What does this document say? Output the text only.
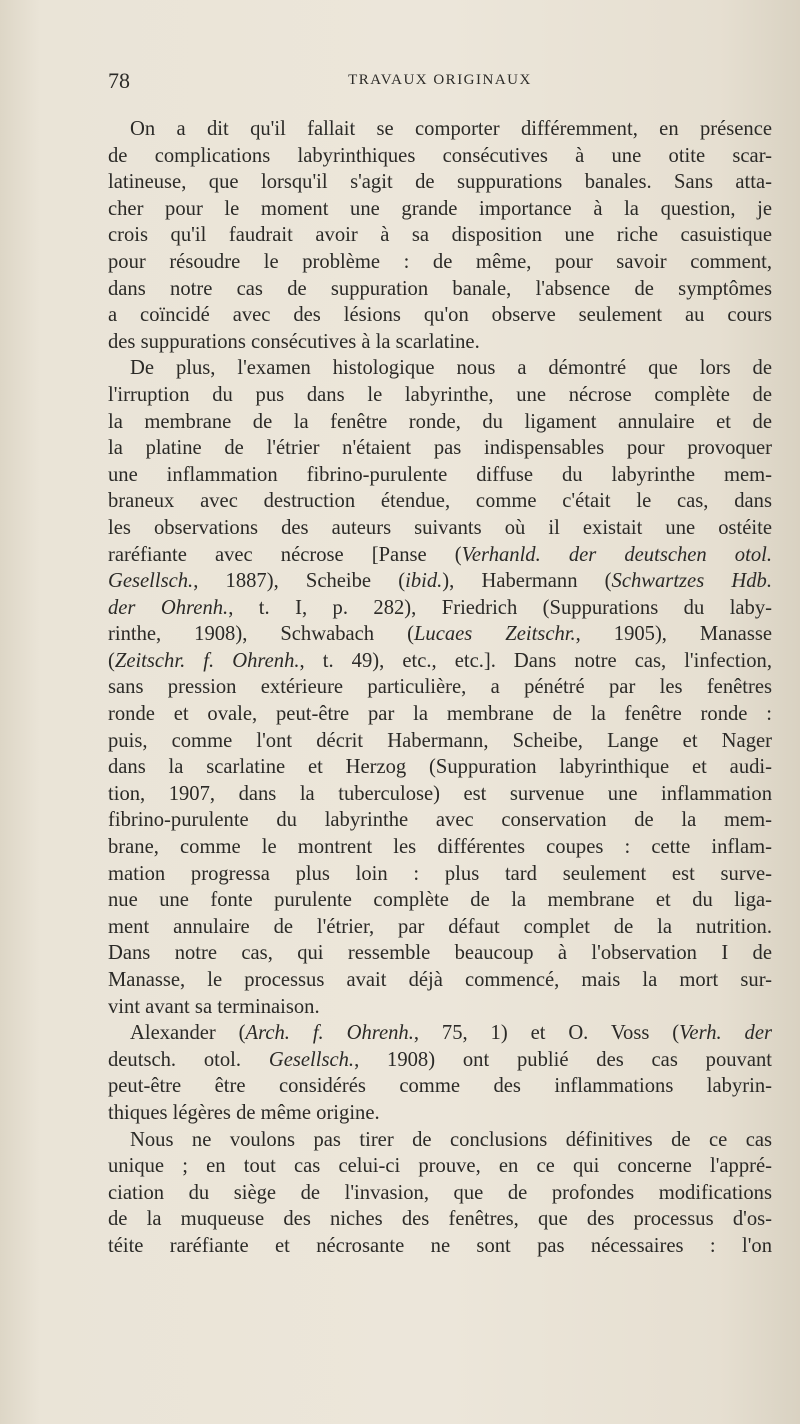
78	TRAVAUX ORIGINAUX
On a dit qu'il fallait se comporter différemment, en présence
de complications labyrinthiques consécutives à une otite scar-
latineuse, que lorsqu'il s'agit de suppurations banales. Sans atta-
cher pour le moment une grande importance à la question, je
crois qu'il faudrait avoir à sa disposition une riche casuistique
pour résoudre le problème : de même, pour savoir comment,
dans notre cas de suppuration banale, l'absence de symptômes
a coïncidé avec des lésions qu'on observe seulement au cours
des suppurations consécutives à la scarlatine.
De plus, l'examen histologique nous a démontré que lors de
l'irruption du pus dans le labyrinthe, une nécrose complète de
la membrane de la fenêtre ronde, du ligament annulaire et de
la platine de l'étrier n'étaient pas indispensables pour provoquer
une inflammation fibrino-purulente diffuse du labyrinthe mem-
braneux avec destruction étendue, comme c'était le cas, dans
les observations des auteurs suivants où il existait une ostéite
raréfiante avec nécrose [Panse (Verhanld. der deutschen otol.
Gesellsch., 1887), Scheibe (ibid.), Habermann (Schwartzes Hdb.
der Ohrenh., t. I, p. 282), Friedrich (Suppurations du laby-
rinthe, 1908), Schwabach (Lucaes Zeitschr., 1905), Manasse
(Zeitschr. f. Ohrenh., t. 49), etc., etc.]. Dans notre cas, l'infection,
sans pression extérieure particulière, a pénétré par les fenêtres
ronde et ovale, peut-être par la membrane de la fenêtre ronde :
puis, comme l'ont décrit Habermann, Scheibe, Lange et Nager
dans la scarlatine et Herzog (Suppuration labyrinthique et audi-
tion, 1907, dans la tuberculose) est survenue une inflammation
fibrino-purulente du labyrinthe avec conservation de la mem-
brane, comme le montrent les différentes coupes : cette inflam-
mation progressa plus loin : plus tard seulement est surve-
nue une fonte purulente complète de la membrane et du liga-
ment annulaire de l'étrier, par défaut complet de la nutrition.
Dans notre cas, qui ressemble beaucoup à l'observation I de
Manasse, le processus avait déjà commencé, mais la mort sur-
vint avant sa terminaison.
Alexander (Arch. f. Ohrenh., 75, 1) et O. Voss (Verh. der
deutsch. otol. Gesellsch., 1908) ont publié des cas pouvant
peut-être être considérés comme des inflammations labyrin-
thiques légères de même origine.
Nous ne voulons pas tirer de conclusions définitives de ce cas
unique ; en tout cas celui-ci prouve, en ce qui concerne l'appré-
ciation du siège de l'invasion, que de profondes modifications
de la muqueuse des niches des fenêtres, que des processus d'os-
téite raréfiante et nécrosante ne sont pas nécessaires : l'on
